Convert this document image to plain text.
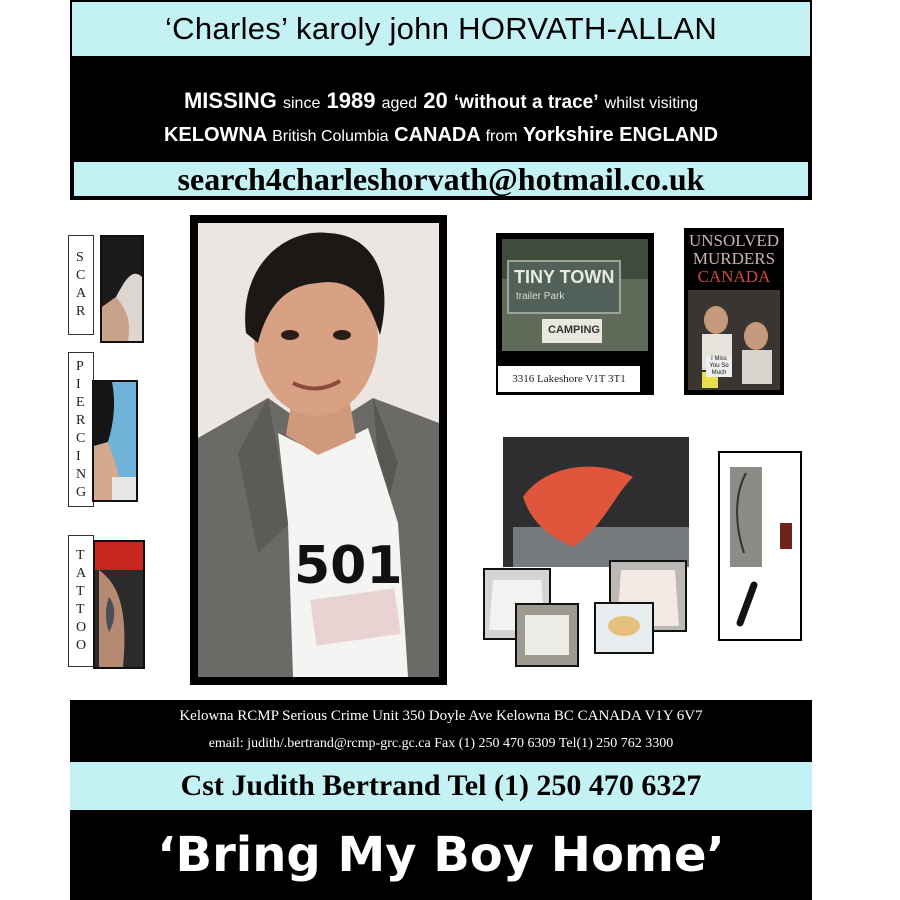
‘Charles’ karoly john HORVATH-ALLAN
MISSING since 1989 aged 20 ‘without a trace’ whilst visiting
KELOWNA British Columbia CANADA from Yorkshire ENGLAND
search4charleshorvath@hotmail.co.uk
S
C
A
R
P
I
E
R
C
I
N
G
T
A
T
T
O
O
501
TINY TOWN
trailer Park
CAMPING
3316 Lakeshore V1T 3T1
UNSOLVED
MURDERS
CANADA
I Miss You So Much
Kelowna RCMP Serious Crime Unit 350 Doyle Ave Kelowna BC CANADA V1Y 6V7
email: judith/.bertrand@rcmp-grc.gc.ca Fax (1) 250 470 6309 Tel(1) 250 762 3300
Cst Judith Bertrand Tel (1) 250 470 6327
‘Bring My Boy Home’
